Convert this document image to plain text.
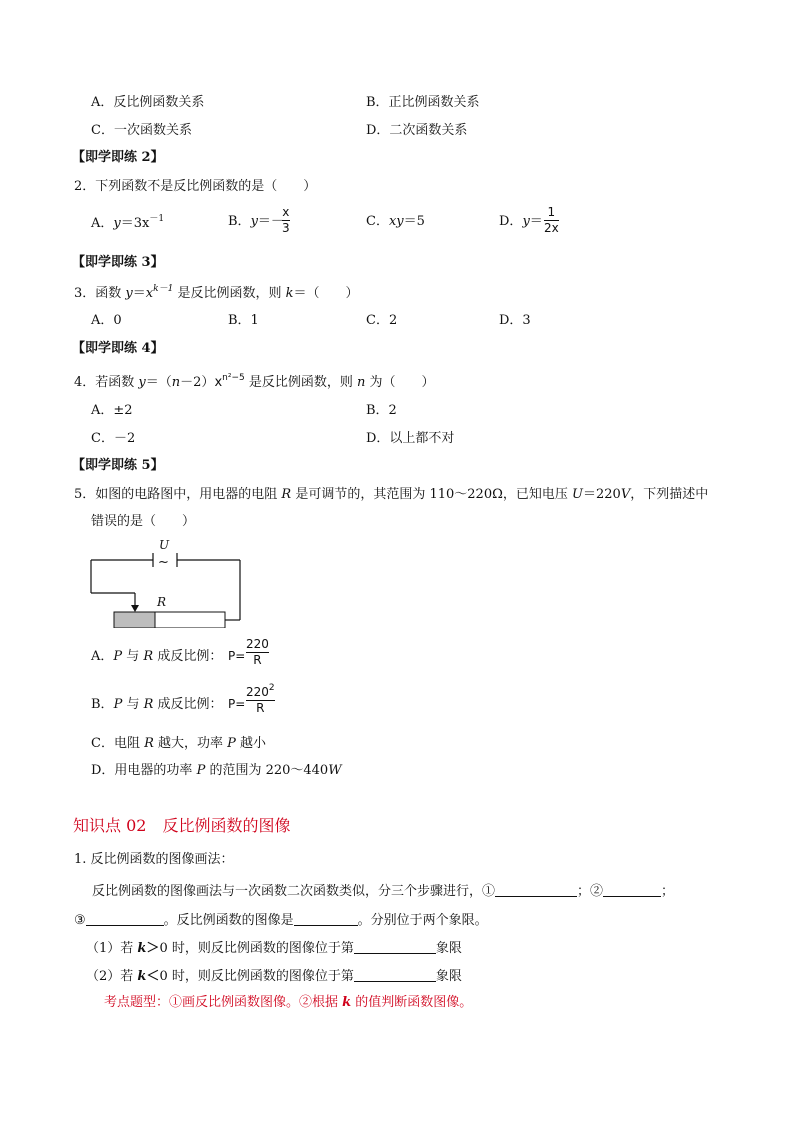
A．反比例函数关系	B．正比例函数关系
C．一次函数关系	D．二次函数关系
【即学即练 2】
2．下列函数不是反比例函数的是（　　）
A．$y=3x^{-1}$	B．y＝－
x
3	C．xy＝5	D．y＝
1
2x
【即学即练 3】
3．函数 $y=x^{k-1}$ 是反比例函数，则 k＝（　　）
A．0	B．1	C．2	D．3
【即学即练 4】
4．若函数 $y=(n-2)x^{n^2-5}$ 是反比例函数，则 n 为（　　）
A．±2	B．2
C．－2	D．以上都不对
【即学即练 5】
5．如图的电路图中，用电器的电阻 R 是可调节的，其范围为 110～220Ω，已知电压 U＝220V，下列描述中
错误的是（　　）
U
~
R
A．P 与 R 成反比例： P=
220
R
B．P 与 R 成反比例： P=
$220^2$
R
C．电阻 R 越大，功率 P 越小
D．用电器的功率 P 的范围为 220～440W
知识点 02　反比例函数的图像
1. 反比例函数的图像画法：
反比例函数的图像画法与一次函数二次函数类似，分三个步骤进行，①	；②	；
③	。反比例函数的图像是	。分别位于两个象限。
（1）若 k＞0 时，则反比例函数的图像位于第	象限
（2）若 k＜0 时，则反比例函数的图像位于第	象限
考点题型：①画反比例函数图像。②根据 k 的值判断函数图像。
